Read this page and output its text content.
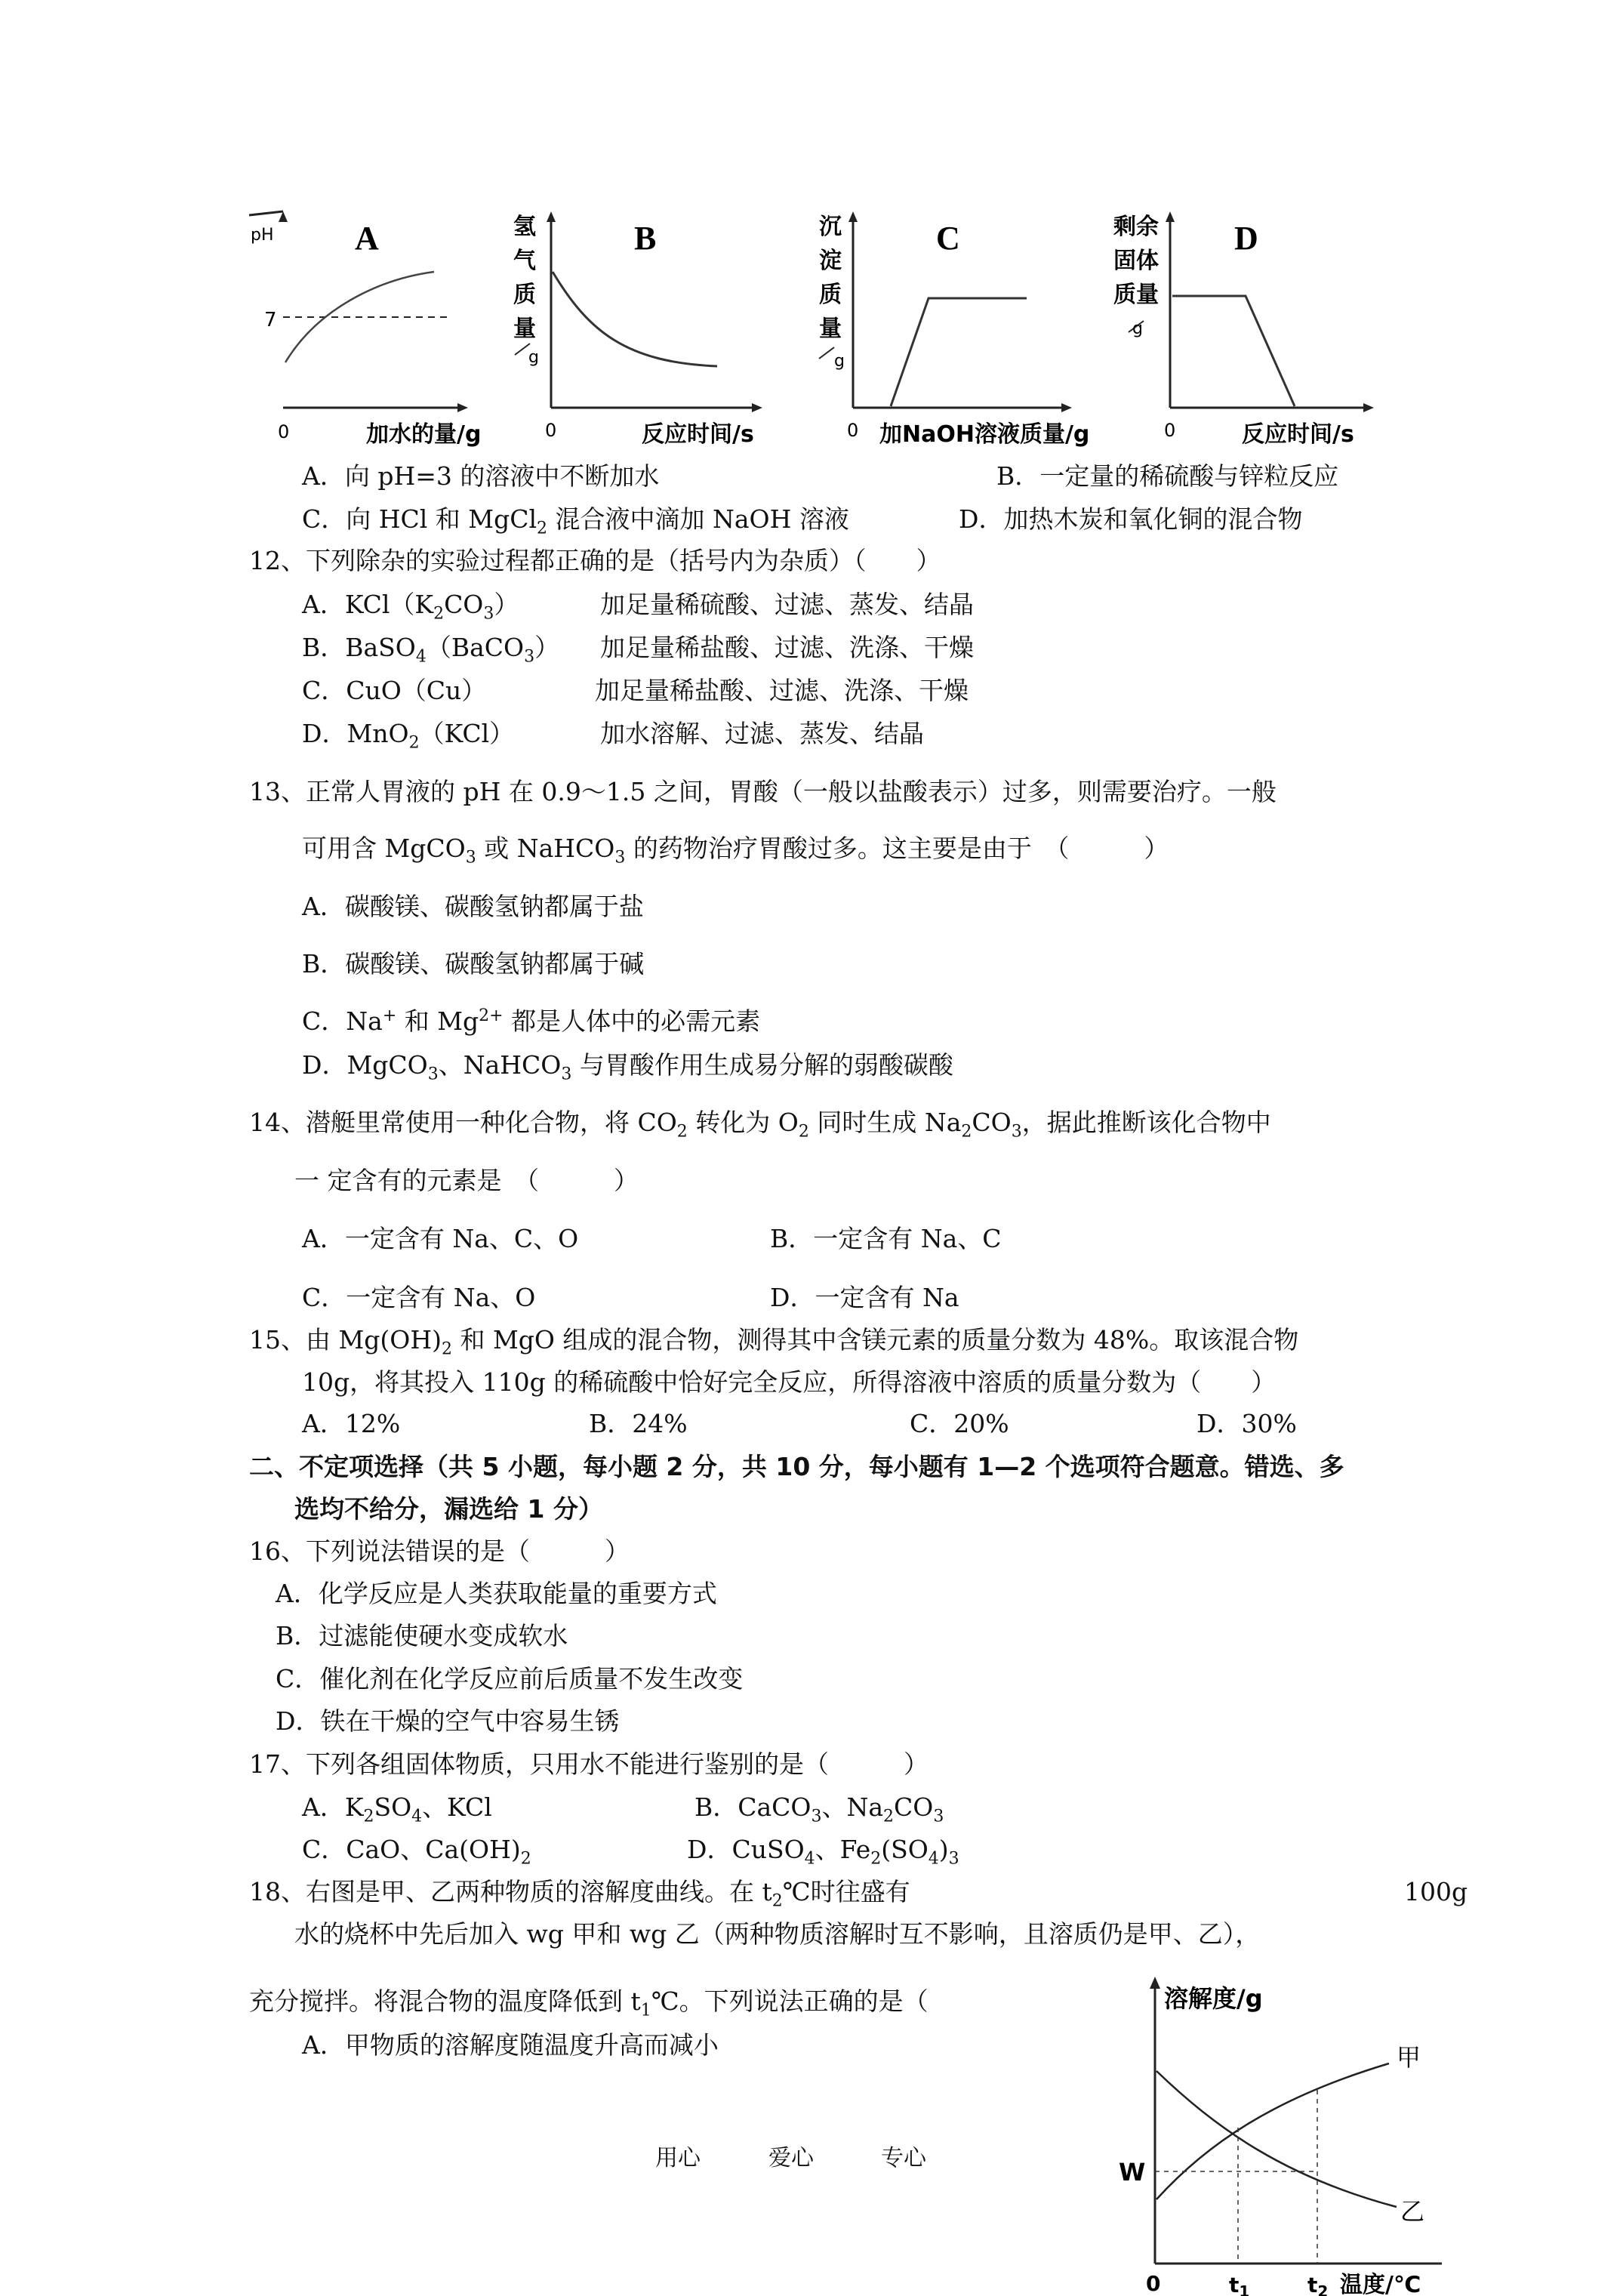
pH A
7
0	加水的量/g
氢
气
质
量
g
B
0	反应时间/s
沉
淀
质
量
g
C
0 加NaOH溶液质量/g
剩余
固体
质量
g
D
0	反应时间/s
A．向 pH=3 的溶液中不断加水	B．一定量的稀硫酸与锌粒反应
C．向 HCl 和 MgCl$_2$ 混合液中滴加 NaOH 溶液	D．加热木炭和氧化铜的混合物
12、下列除杂的实验过程都正确的是（括号内为杂质）（　　）
A．$KCl(K_2CO_3)$	加足量稀硫酸、过滤、蒸发、结晶
B．BaSO$_4$（BaCO$_3$） 加足量稀盐酸、过滤、洗涤、干燥
C．CuO（Cu）	加足量稀盐酸、过滤、洗涤、干燥
D．MnO$_2$（KCl）	加水溶解、过滤、蒸发、结晶
13、正常人胃液的 pH 在 0.9～1.5 之间，胃酸（一般以盐酸表示）过多，则需要治疗。一般
可用含 MgCO$_3$ 或 NaHCO$_3$ 的药物治疗胃酸过多。这主要是由于　（　　　）
A．碳酸镁、碳酸氢钠都属于盐
B．碳酸镁、碳酸氢钠都属于碱
C．Na+ 和 $Mg^{2+}$ 都是人体中的必需元素
D．MgCO$_3$、NaHCO$_3$ 与胃酸作用生成易分解的弱酸碳酸
14、潜艇里常使用一种化合物，将 $CO_2$ 转化为 $O_2$ 同时生成 $Na_2CO_3$，据此推断该化合物中
一 定含有的元素是　（　　　）
A．一定含有 Na、C、O	B．一定含有 Na、C
C．一定含有 Na、O	D．一定含有 Na
15、由 $Mg(OH)_2$ 和 MgO 组成的混合物，测得其中含镁元素的质量分数为 48%。取该混合物
10g，将其投入 110g 的稀硫酸中恰好完全反应，所得溶液中溶质的质量分数为（　　）
A．12%	B．24%	C．20%	D．30%
二、不定项选择（共 5 小题，每小题 2 分，共 10 分，每小题有 1—2 个选项符合题意。错选、多
选均不给分，漏选给 1 分）
16、下列说法错误的是（　　　）
A．化学反应是人类获取能量的重要方式
B．过滤能使硬水变成软水
C．催化剂在化学反应前后质量不发生改变
D．铁在干燥的空气中容易生锈
17、下列各组固体物质，只用水不能进行鉴别的是（　　　）
A．$K_2SO_4$、KCl	B．CaCO$_3$、$Na_2CO_3$
C．CaO、$Ca(OH)_2$	D．CuSO$_4$、$Fe_2(SO_4)_3$
18、右图是甲、乙两种物质的溶解度曲线。在 $t_2℃$时往盛有	100g
水的烧杯中先后加入 wg 甲和 wg 乙（两种物质溶解时互不影响，且溶质仍是甲、乙），
充分搅拌。将混合物的温度降低到 $t_1℃$。下列说法正确的是（
A．甲物质的溶解度随温度升高而减小
溶解度/g
甲
乙
W
0	$t_1$	$t_2$ 温度/℃
用心	爱心	专心
